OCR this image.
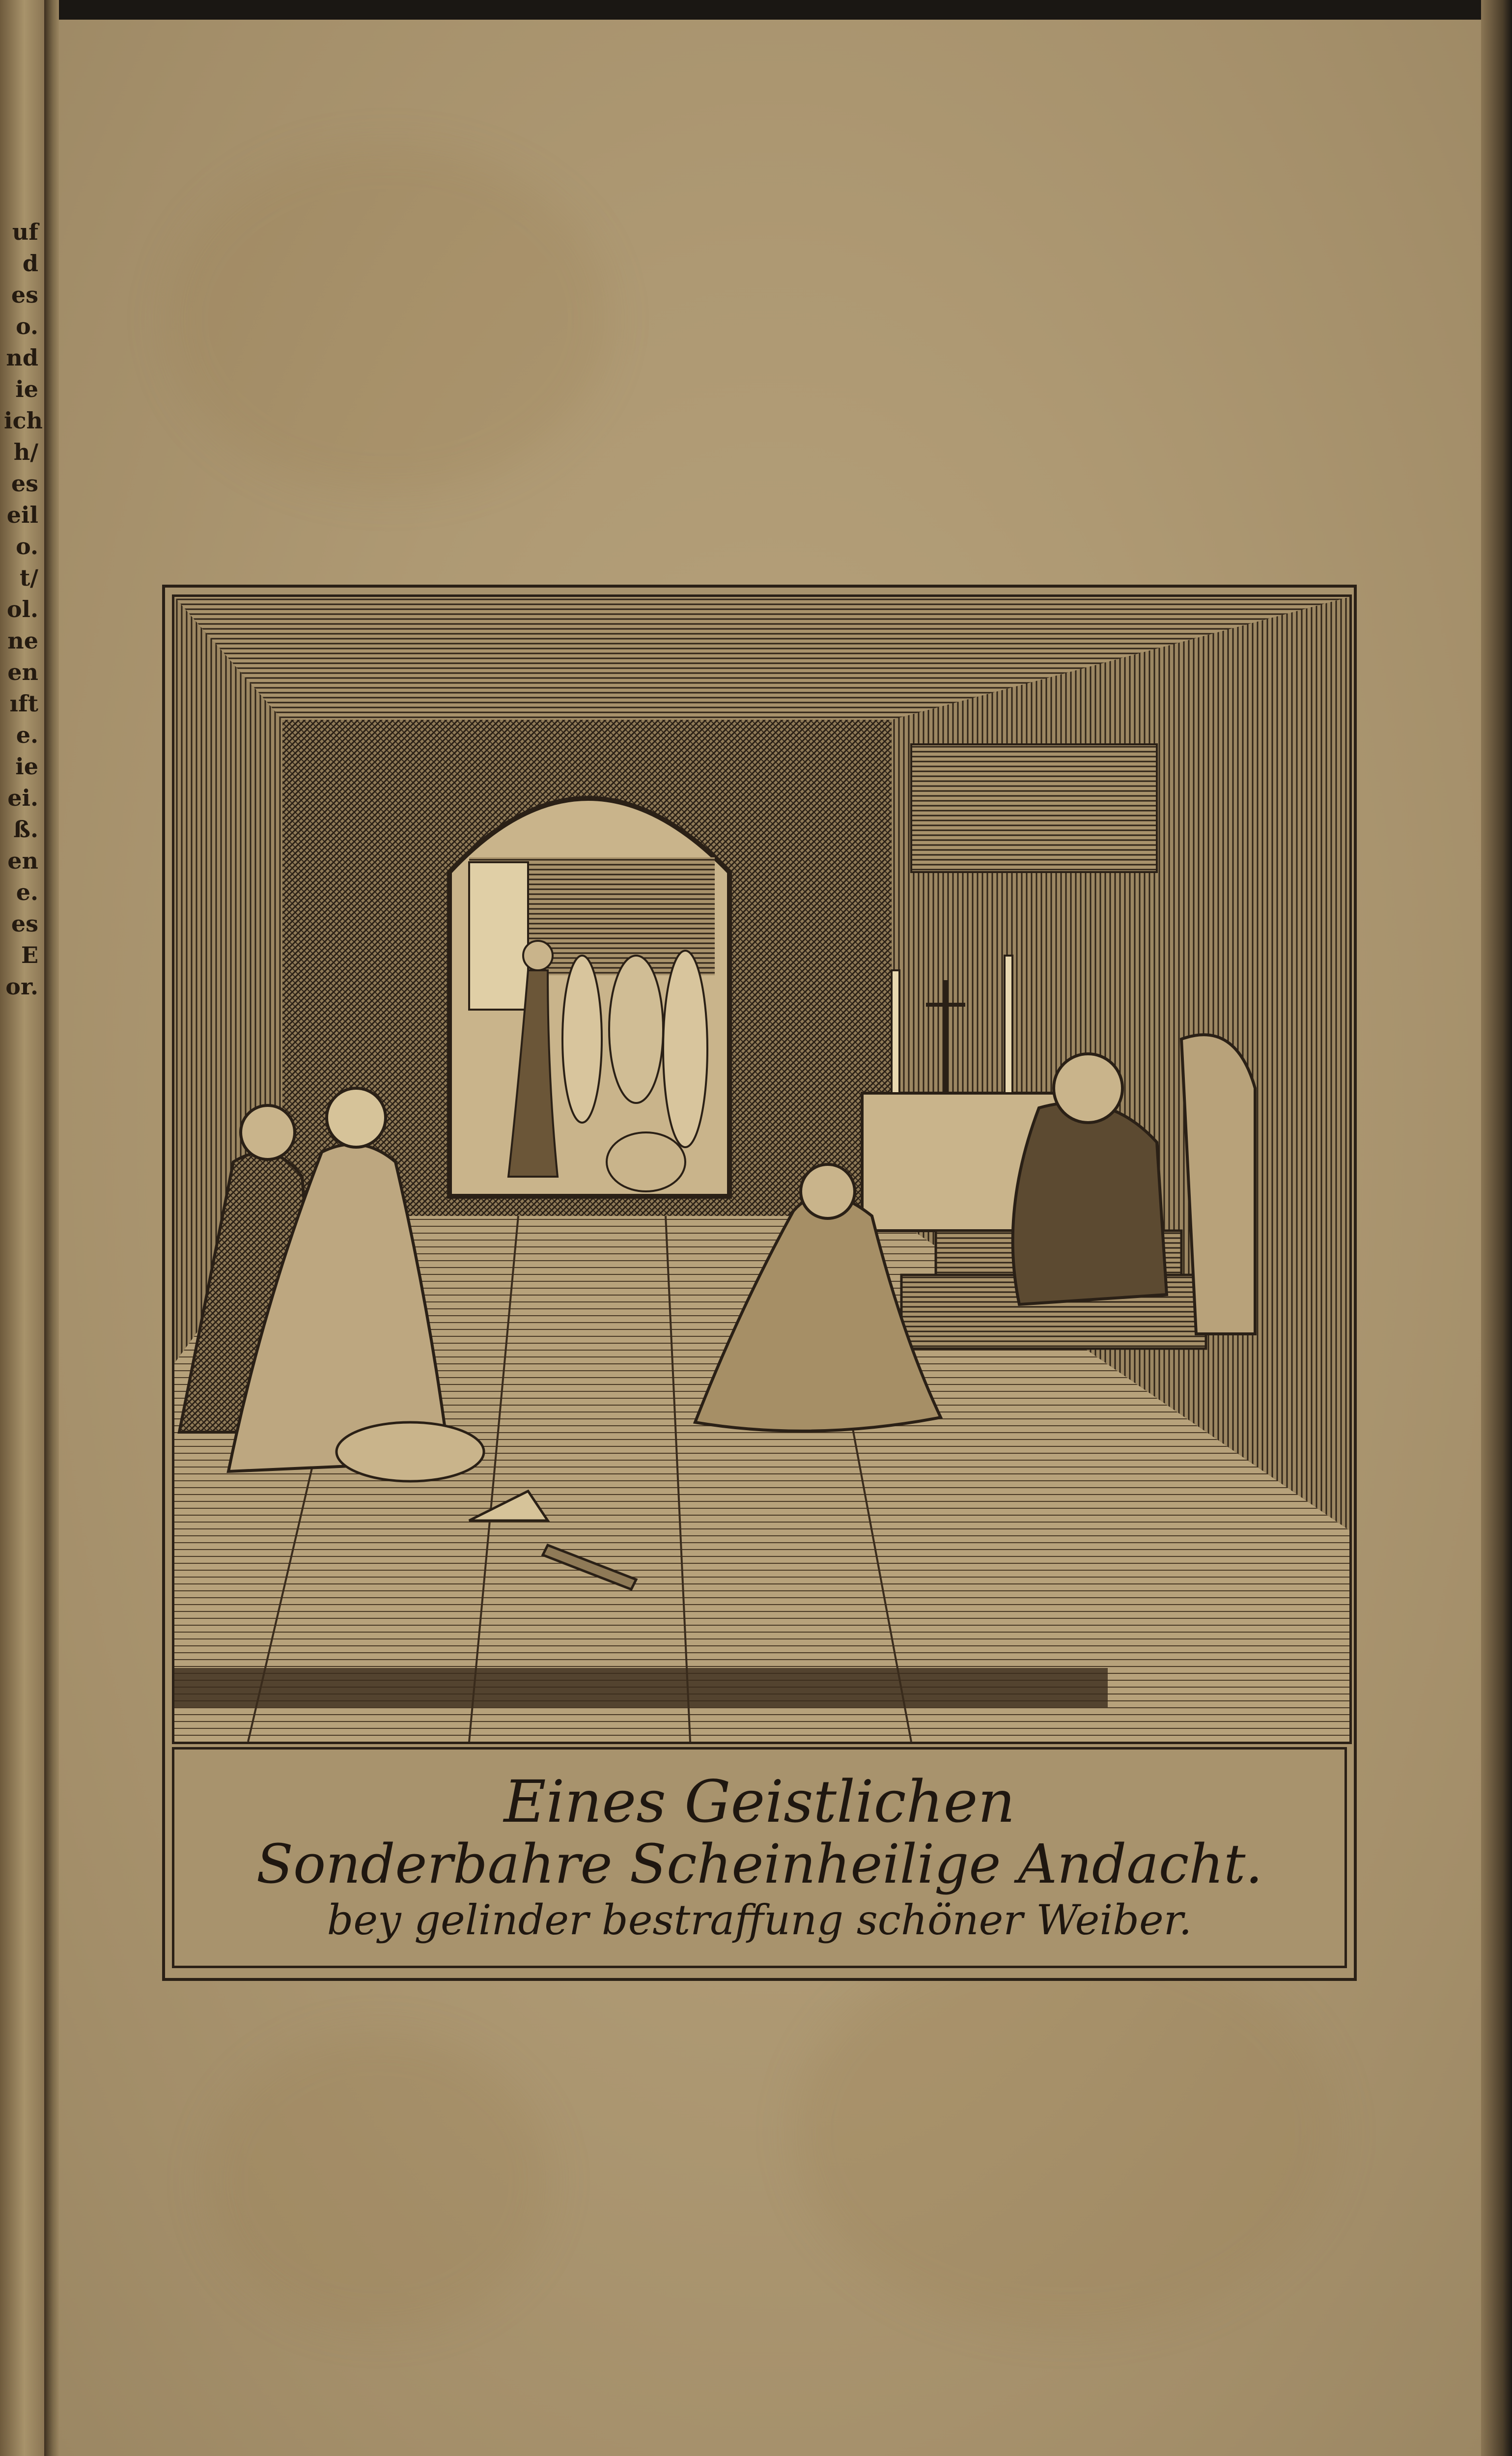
uf
d
es
o.
nd
ie
ich
h/
es
eil
o.
t/
ol.
ne
en
ıft
e.
ie
ei.
ß.
en
e.
es
E
or.
Eines Geistlichen
Sonderbahre Scheinheilige Andacht.
bey gelinder bestraffung schöner Weiber.
